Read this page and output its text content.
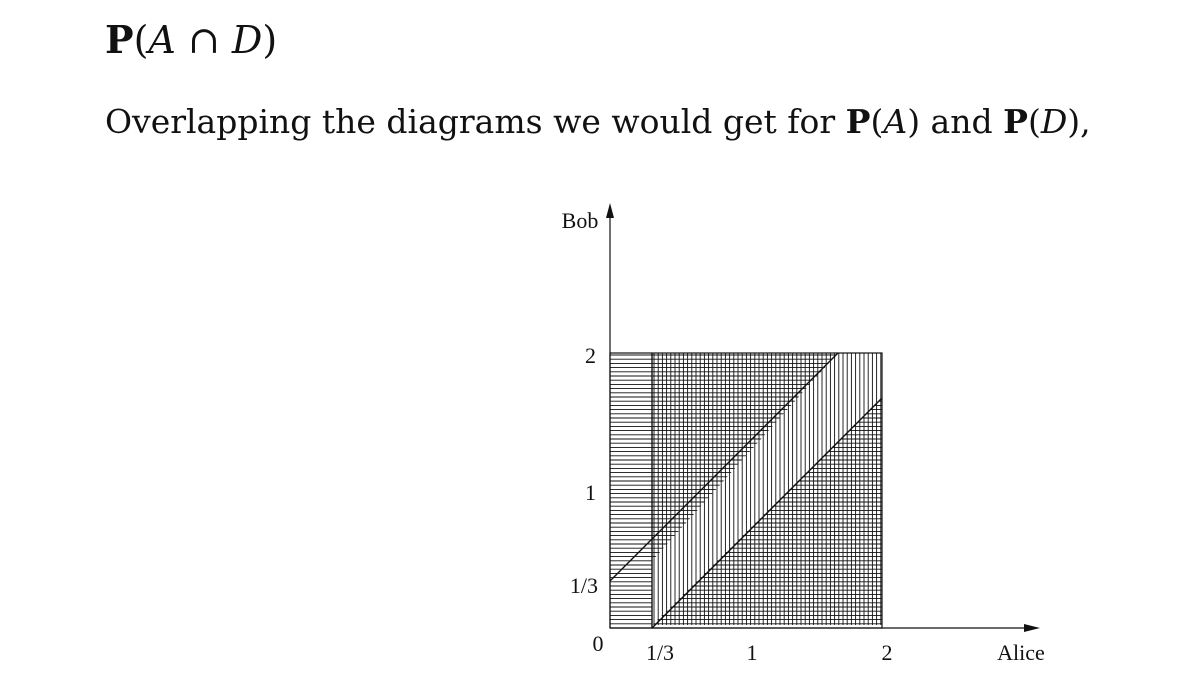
P(A ∩ D)
Overlapping the diagrams we would get for P(A) and P(D),
Bob
Alice
0 1/3	1	2
1/3
1
2
